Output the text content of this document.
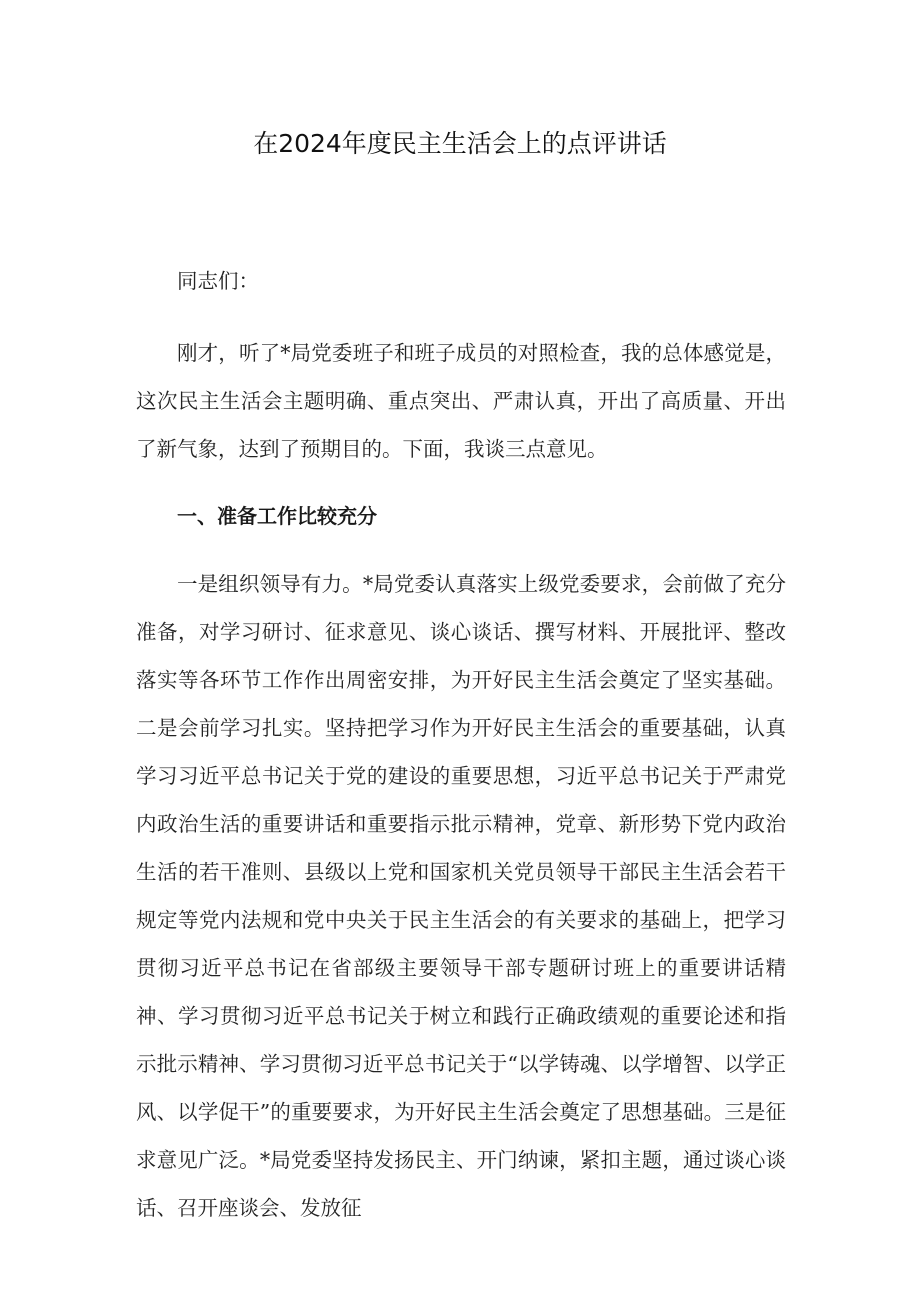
在2024年度民主生活会上的点评讲话

同志们：

刚才，听了*局党委班子和班子成员的对照检查，我的总体感觉是，这次民主生活会主题明确、重点突出、严肃认真，开出了高质量、开出了新气象，达到了预期目的。下面，我谈三点意见。

一、准备工作比较充分

一是组织领导有力。*局党委认真落实上级党委要求，会前做了充分准备，对学习研讨、征求意见、谈心谈话、撰写材料、开展批评、整改落实等各环节工作作出周密安排，为开好民主生活会奠定了坚实基础。二是会前学习扎实。坚持把学习作为开好民主生活会的重要基础，认真学习习近平总书记关于党的建设的重要思想，习近平总书记关于严肃党内政治生活的重要讲话和重要指示批示精神，党章、新形势下党内政治生活的若干准则、县级以上党和国家机关党员领导干部民主生活会若干规定等党内法规和党中央关于民主生活会的有关要求的基础上，把学习贯彻习近平总书记在省部级主要领导干部专题研讨班上的重要讲话精神、学习贯彻习近平总书记关于树立和践行正确政绩观的重要论述和指示批示精神、学习贯彻习近平总书记关于“以学铸魂、以学增智、以学正风、以学促干”的重要要求，为开好民主生活会奠定了思想基础。三是征求意见广泛。*局党委坚持发扬民主、开门纳谏，紧扣主题，通过谈心谈话、召开座谈会、发放征
